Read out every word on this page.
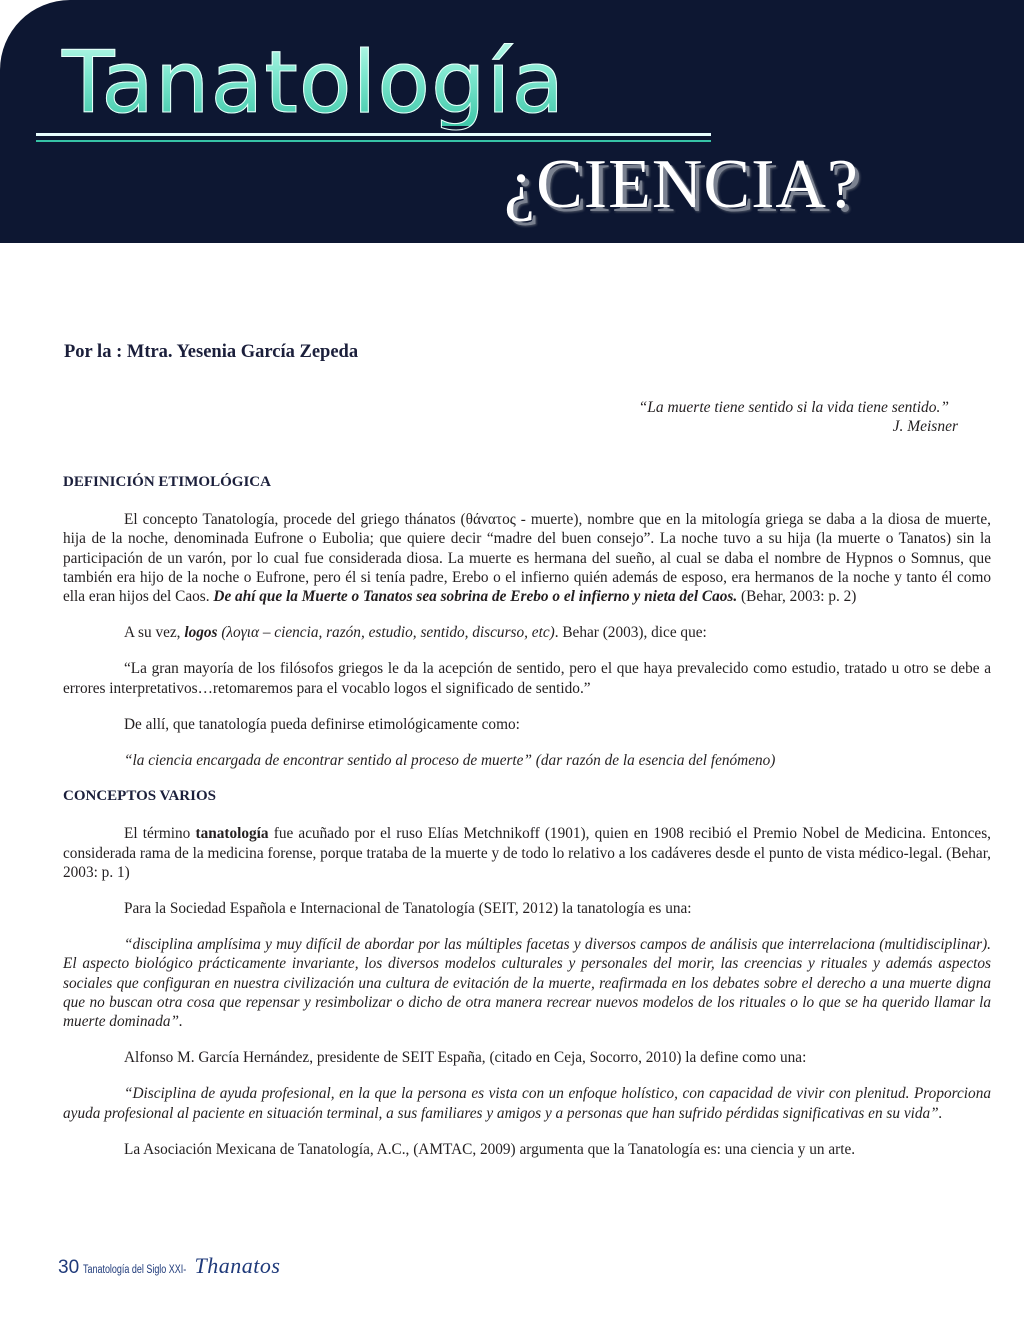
Tanatología
¿CIENCIA?
Por la : Mtra. Yesenia García Zepeda
“La muerte tiene sentido si la vida tiene sentido.”
J. Meisner
DEFINICIÓN ETIMOLÓGICA

El concepto Tanatología, procede del griego thánatos (θάνατος - muerte), nombre que en la mitología griega se daba a la diosa de muerte, hija de la noche, denominada Eufrone o Eubolia; que quiere decir “madre del buen consejo”. La noche tuvo a su hija (la muerte o Tanatos) sin la participación de un varón, por lo cual fue considerada diosa. La muerte es hermana del sueño, al cual se daba el nombre de Hypnos o Somnus, que también era hijo de la noche o Eufrone, pero él si tenía padre, Erebo o el infierno quién además de esposo, era hermanos de la noche y tanto él como ella eran hijos del Caos. De ahí que la Muerte o Tanatos sea sobrina de Erebo o el infierno y nieta del Caos. (Behar, 2003: p. 2)

A su vez, logos (λογια – ciencia, razón, estudio, sentido, discurso, etc). Behar (2003), dice que:

“La gran mayoría de los filósofos griegos le da la acepción de sentido, pero el que haya prevalecido como estudio, tratado u otro se debe a errores interpretativos…retomaremos para el vocablo logos el significado de sentido.”

De allí, que tanatología pueda definirse etimológicamente como:

“la ciencia encargada de encontrar sentido al proceso de muerte” (dar razón de la esencia del fenómeno)

CONCEPTOS VARIOS

El término tanatología fue acuñado por el ruso Elías Metchnikoff (1901), quien en 1908 recibió el Premio Nobel de Medicina. Entonces, considerada rama de la medicina forense, porque trataba de la muerte y de todo lo relativo a los cadáveres desde el punto de vista médico-legal. (Behar, 2003: p. 1)

Para la Sociedad Española e Internacional de Tanatología (SEIT, 2012) la tanatología es una:

“disciplina amplísima y muy difícil de abordar por las múltiples facetas y diversos campos de análisis que interrelaciona (multidisciplinar). El aspecto biológico prácticamente invariante, los diversos modelos culturales y personales del morir, las creencias y rituales y además aspectos sociales que configuran en nuestra civilización una cultura de evitación de la muerte, reafirmada en los debates sobre el derecho a una muerte digna que no buscan otra cosa que repensar y resimbolizar o dicho de otra manera recrear nuevos modelos de los rituales o lo que se ha querido llamar la muerte dominada”.

Alfonso M. García Hernández, presidente de SEIT España, (citado en Ceja, Socorro, 2010) la define como una:

“Disciplina de ayuda profesional, en la que la persona es vista con un enfoque holístico, con capacidad de vivir con plenitud. Proporciona ayuda profesional al paciente en situación terminal, a sus familiares y amigos y a personas que han sufrido pérdidas significativas en su vida”.

La Asociación Mexicana de Tanatología, A.C., (AMTAC, 2009) argumenta que la Tanatología es: una ciencia y un arte.

30 Tanatología del Siglo XXI- Thanatos
